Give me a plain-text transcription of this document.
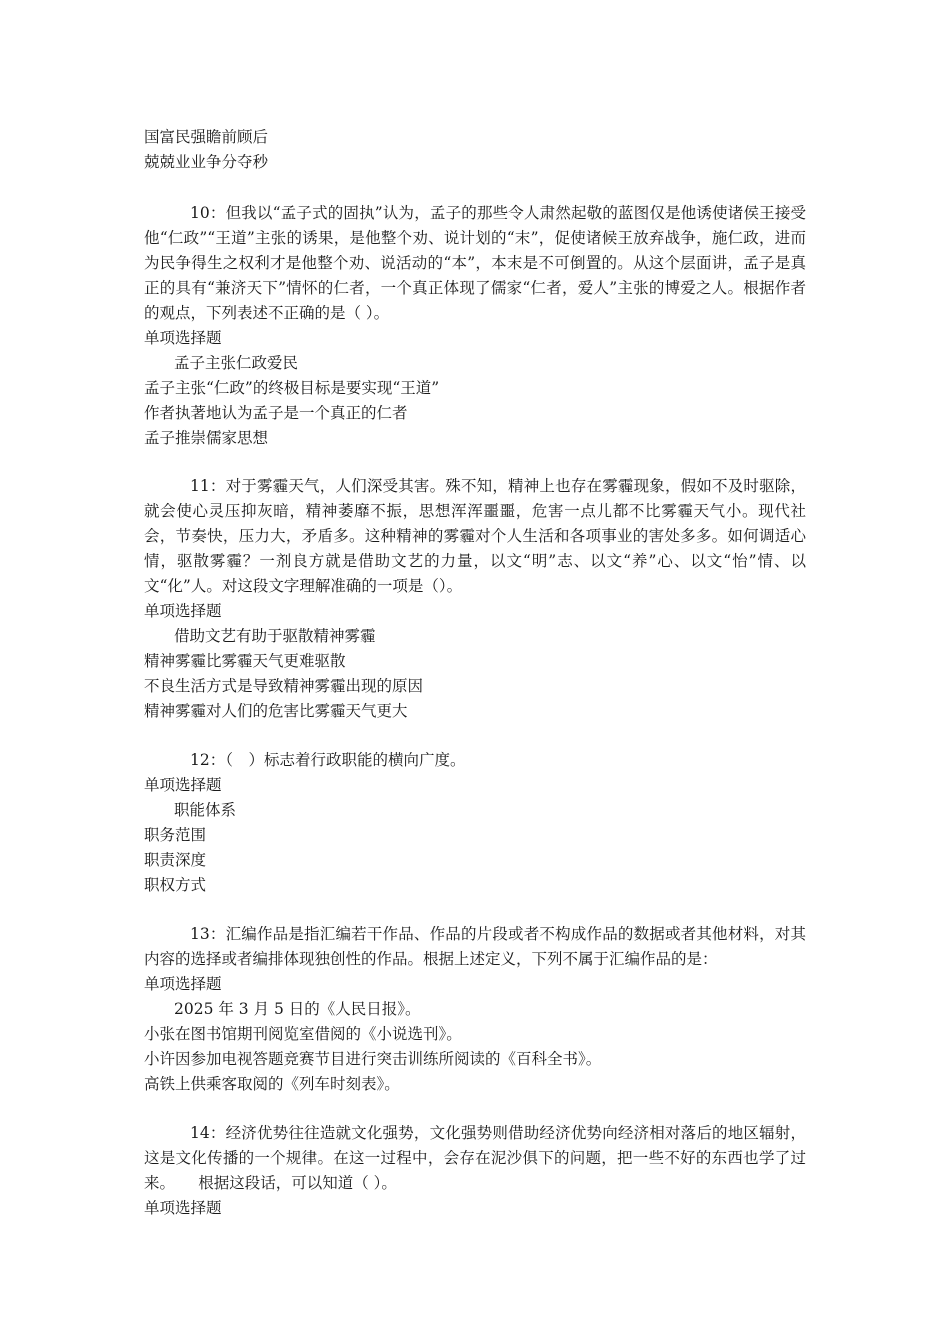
国富民强瞻前顾后
兢兢业业争分夺秒
10：但我以“孟子式的固执”认为，孟子的那些令人肃然起敬的蓝图仅是他诱使诸侯王接受他“仁政”“王道”主张的诱果，是他整个劝、说计划的“末”，促使诸候王放弃战争，施仁政，进而为民争得生之权利才是他整个劝、说活动的“本”，本末是不可倒置的。从这个层面讲，孟子是真正的具有“兼济天下”情怀的仁者，一个真正体现了儒家“仁者，爱人”主张的博爱之人。根据作者的观点，下列表述不正确的是（ ）。
单项选择题
孟子主张仁政爱民
孟子主张“仁政”的终极目标是要实现“王道”
作者执著地认为孟子是一个真正的仁者
孟子推崇儒家思想
11：对于雾霾天气，人们深受其害。殊不知，精神上也存在雾霾现象，假如不及时驱除，就会使心灵压抑灰暗，精神萎靡不振，思想浑浑噩噩，危害一点儿都不比雾霾天气小。现代社会，节奏快，压力大，矛盾多。这种精神的雾霾对个人生活和各项事业的害处多多。如何调适心情，驱散雾霾？一剂良方就是借助文艺的力量，以文“明”志、以文“养”心、以文“怡”情、以文“化”人。对这段文字理解准确的一项是（）。
单项选择题
借助文艺有助于驱散精神雾霾
精神雾霾比雾霾天气更难驱散
不良生活方式是导致精神雾霾出现的原因
精神雾霾对人们的危害比雾霾天气更大
12：（　）标志着行政职能的横向广度。
单项选择题
职能体系
职务范围
职责深度
职权方式
13：汇编作品是指汇编若干作品、作品的片段或者不构成作品的数据或者其他材料，对其内容的选择或者编排体现独创性的作品。根据上述定义，下列不属于汇编作品的是：
单项选择题
2025 年 3 月 5 日的《人民日报》。
小张在图书馆期刊阅览室借阅的《小说选刊》。
小许因参加电视答题竞赛节目进行突击训练所阅读的《百科全书》。
高铁上供乘客取阅的《列车时刻表》。
14：经济优势往往造就文化强势，文化强势则借助经济优势向经济相对落后的地区辐射，这是文化传播的一个规律。在这一过程中，会存在泥沙俱下的问题，把一些不好的东西也学了过来。　　根据这段话，可以知道（ ）。
单项选择题
